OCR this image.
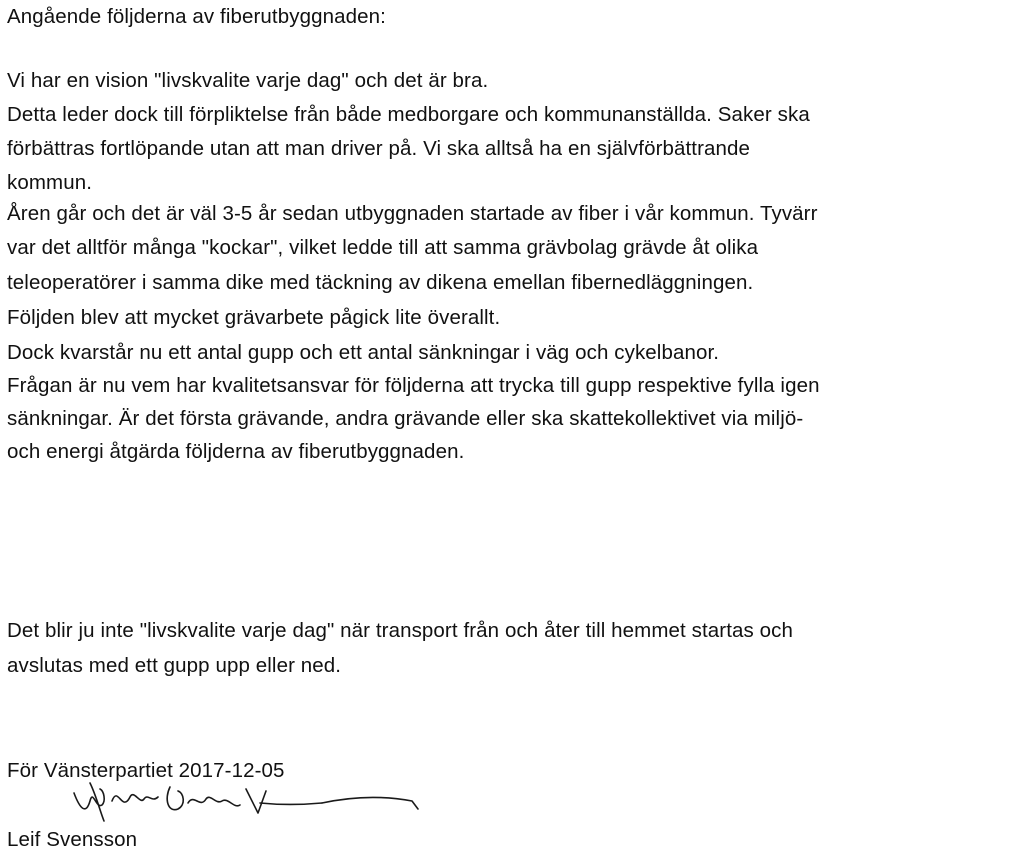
Angående följderna av fiberutbyggnaden:
Vi har en vision "livskvalite varje dag" och det är bra.
Detta leder dock till förpliktelse från både medborgare och kommunanställda. Saker ska
förbättras fortlöpande utan att man driver på. Vi ska alltså ha en självförbättrande
kommun.
Åren går och det är väl 3-5 år sedan utbyggnaden startade av fiber i vår kommun. Tyvärr
var det alltför många "kockar", vilket ledde till att samma grävbolag grävde åt olika
teleoperatörer i samma dike med täckning av dikena emellan fibernedläggningen.
Följden blev att mycket grävarbete pågick lite överallt.
Dock kvarstår nu ett antal gupp och ett antal sänkningar i väg och cykelbanor.
Frågan är nu vem har kvalitetsansvar för följderna att trycka till gupp respektive fylla igen
sänkningar. Är det första grävande, andra grävande eller ska skattekollektivet via miljö-
och energi åtgärda följderna av fiberutbyggnaden.
Det blir ju inte "livskvalite varje dag" när transport från och åter till hemmet startas och
avslutas med ett gupp upp eller ned.
För Vänsterpartiet 2017-12-05
Leif Svensson
